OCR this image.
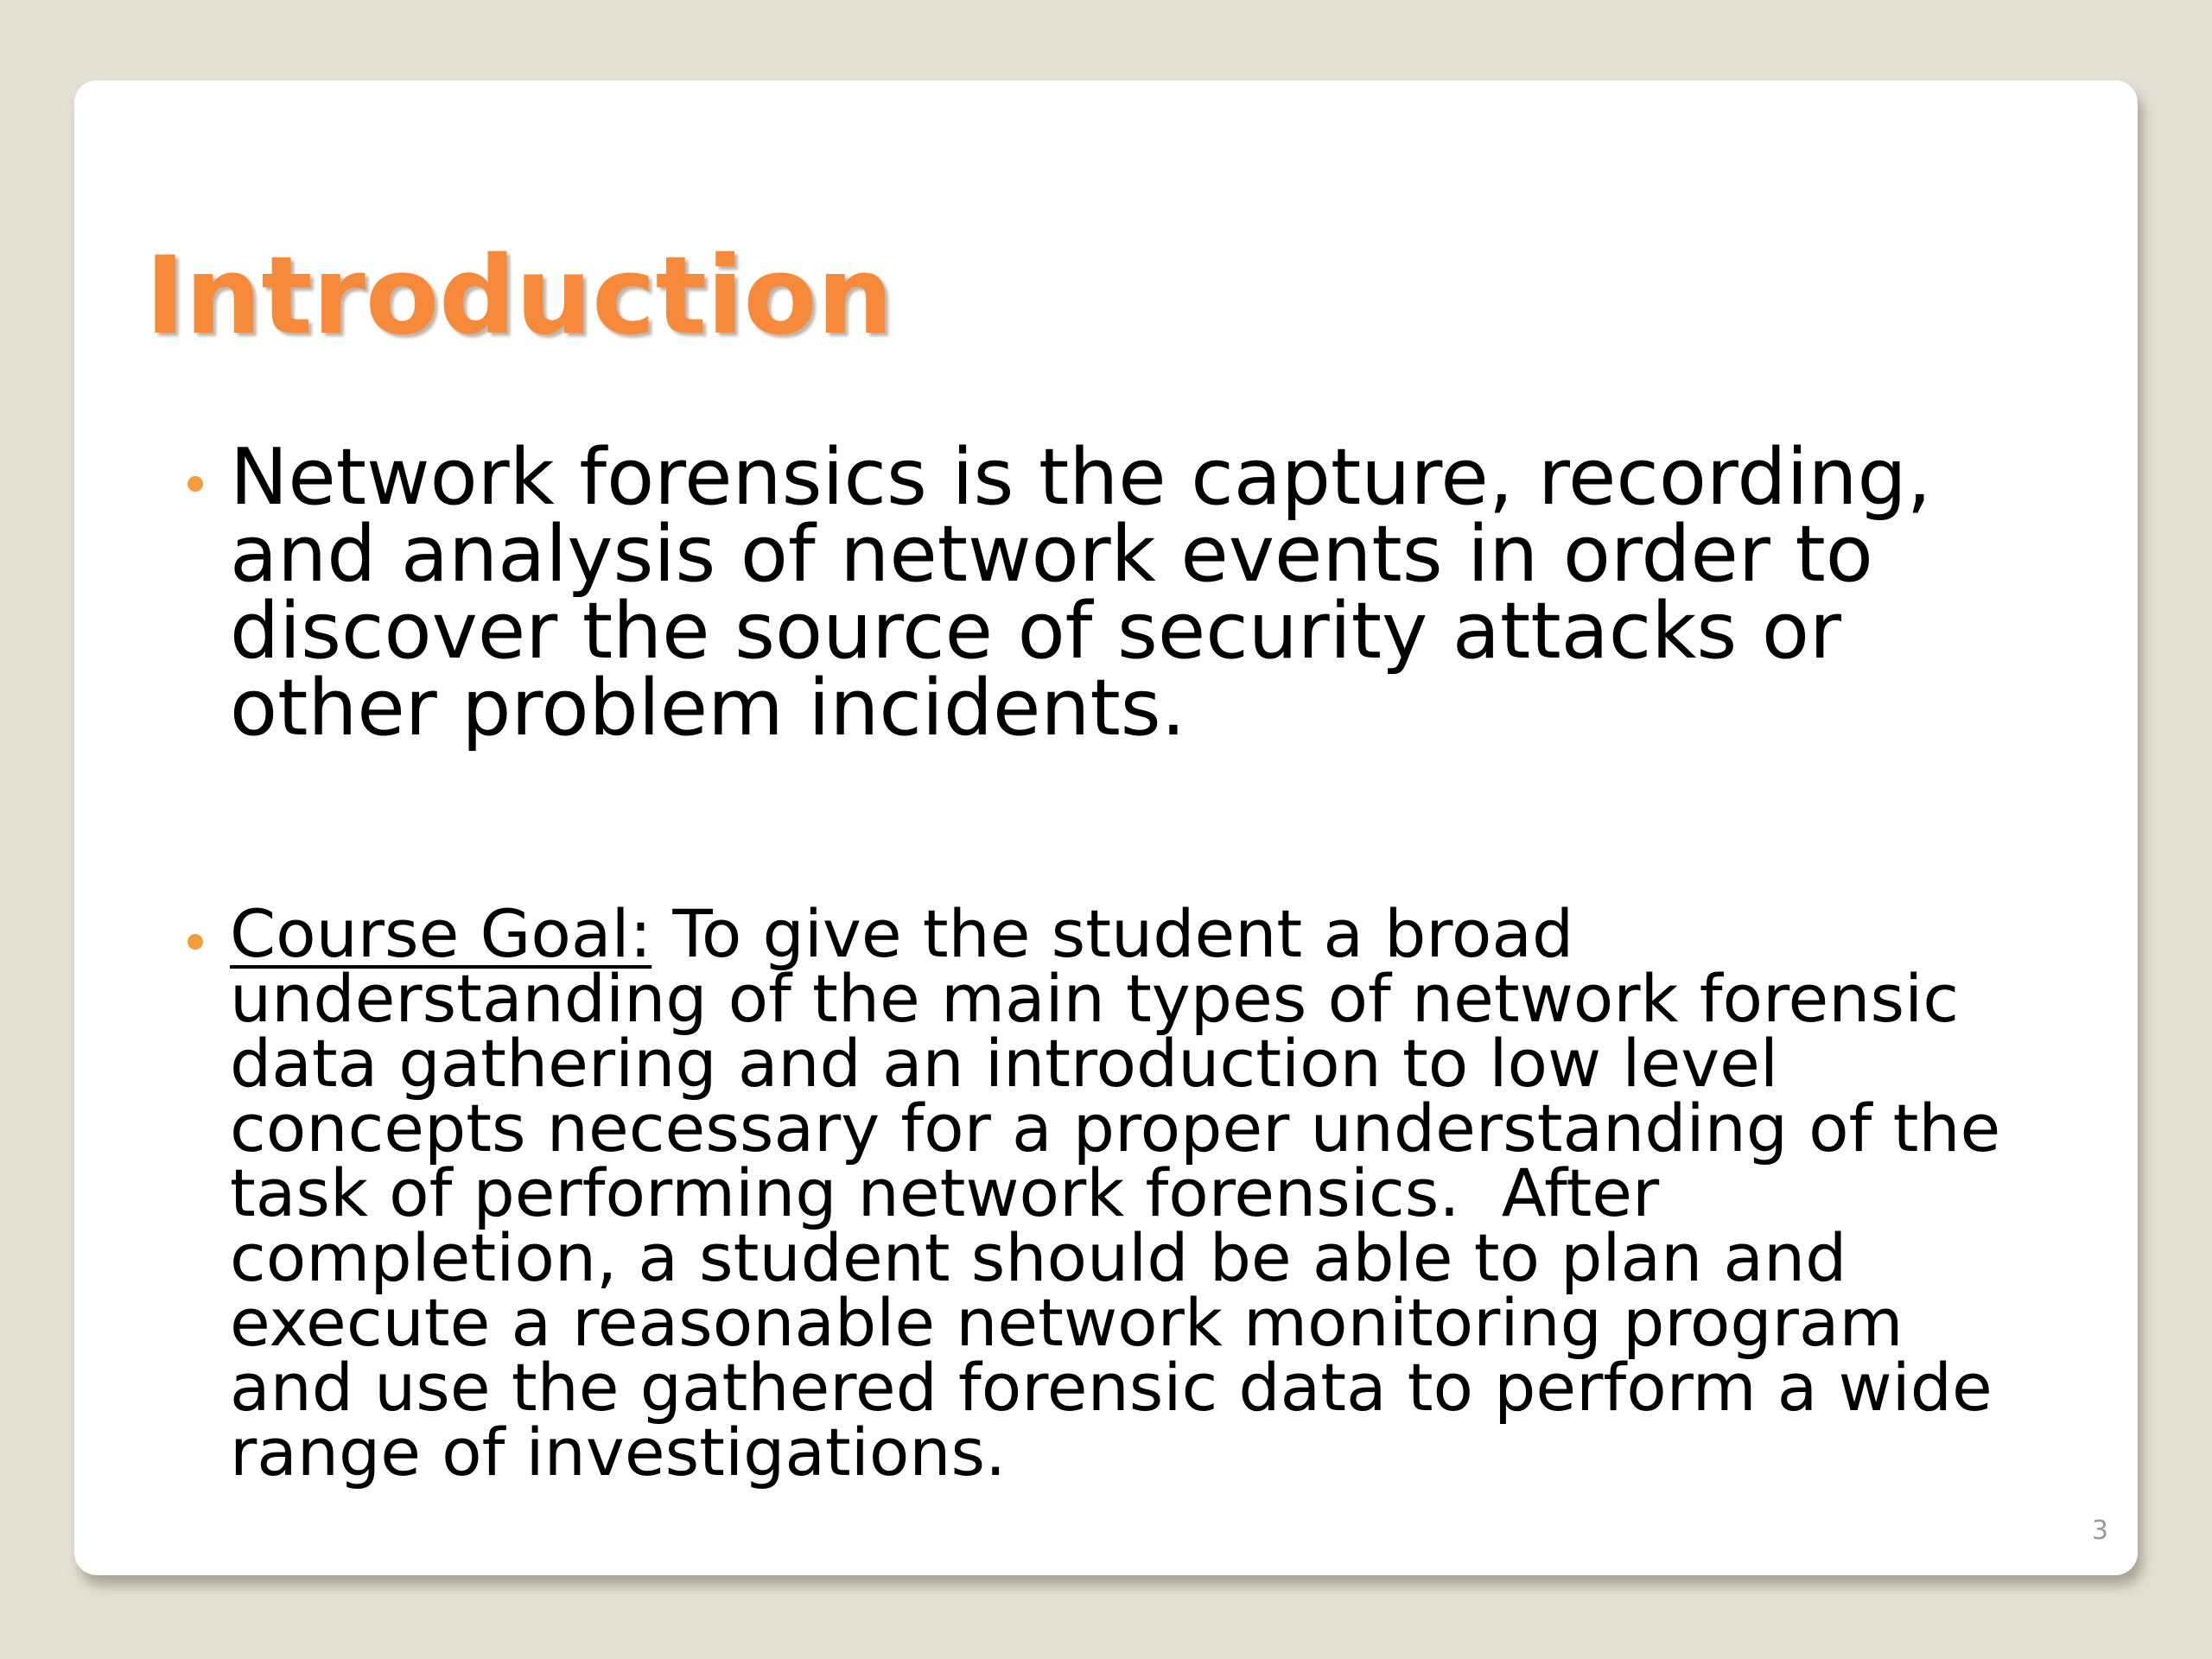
Introduction
Network forensics is the capture, recording,
and analysis of network events in order to
discover the source of security attacks or
other problem incidents.
Course Goal: To give the student a broad
understanding of the main types of network forensic
data gathering and an introduction to low level
concepts necessary for a proper understanding of the
task of performing network forensics.  After
completion, a student should be able to plan and
execute a reasonable network monitoring program
and use the gathered forensic data to perform a wide
range of investigations.
3
